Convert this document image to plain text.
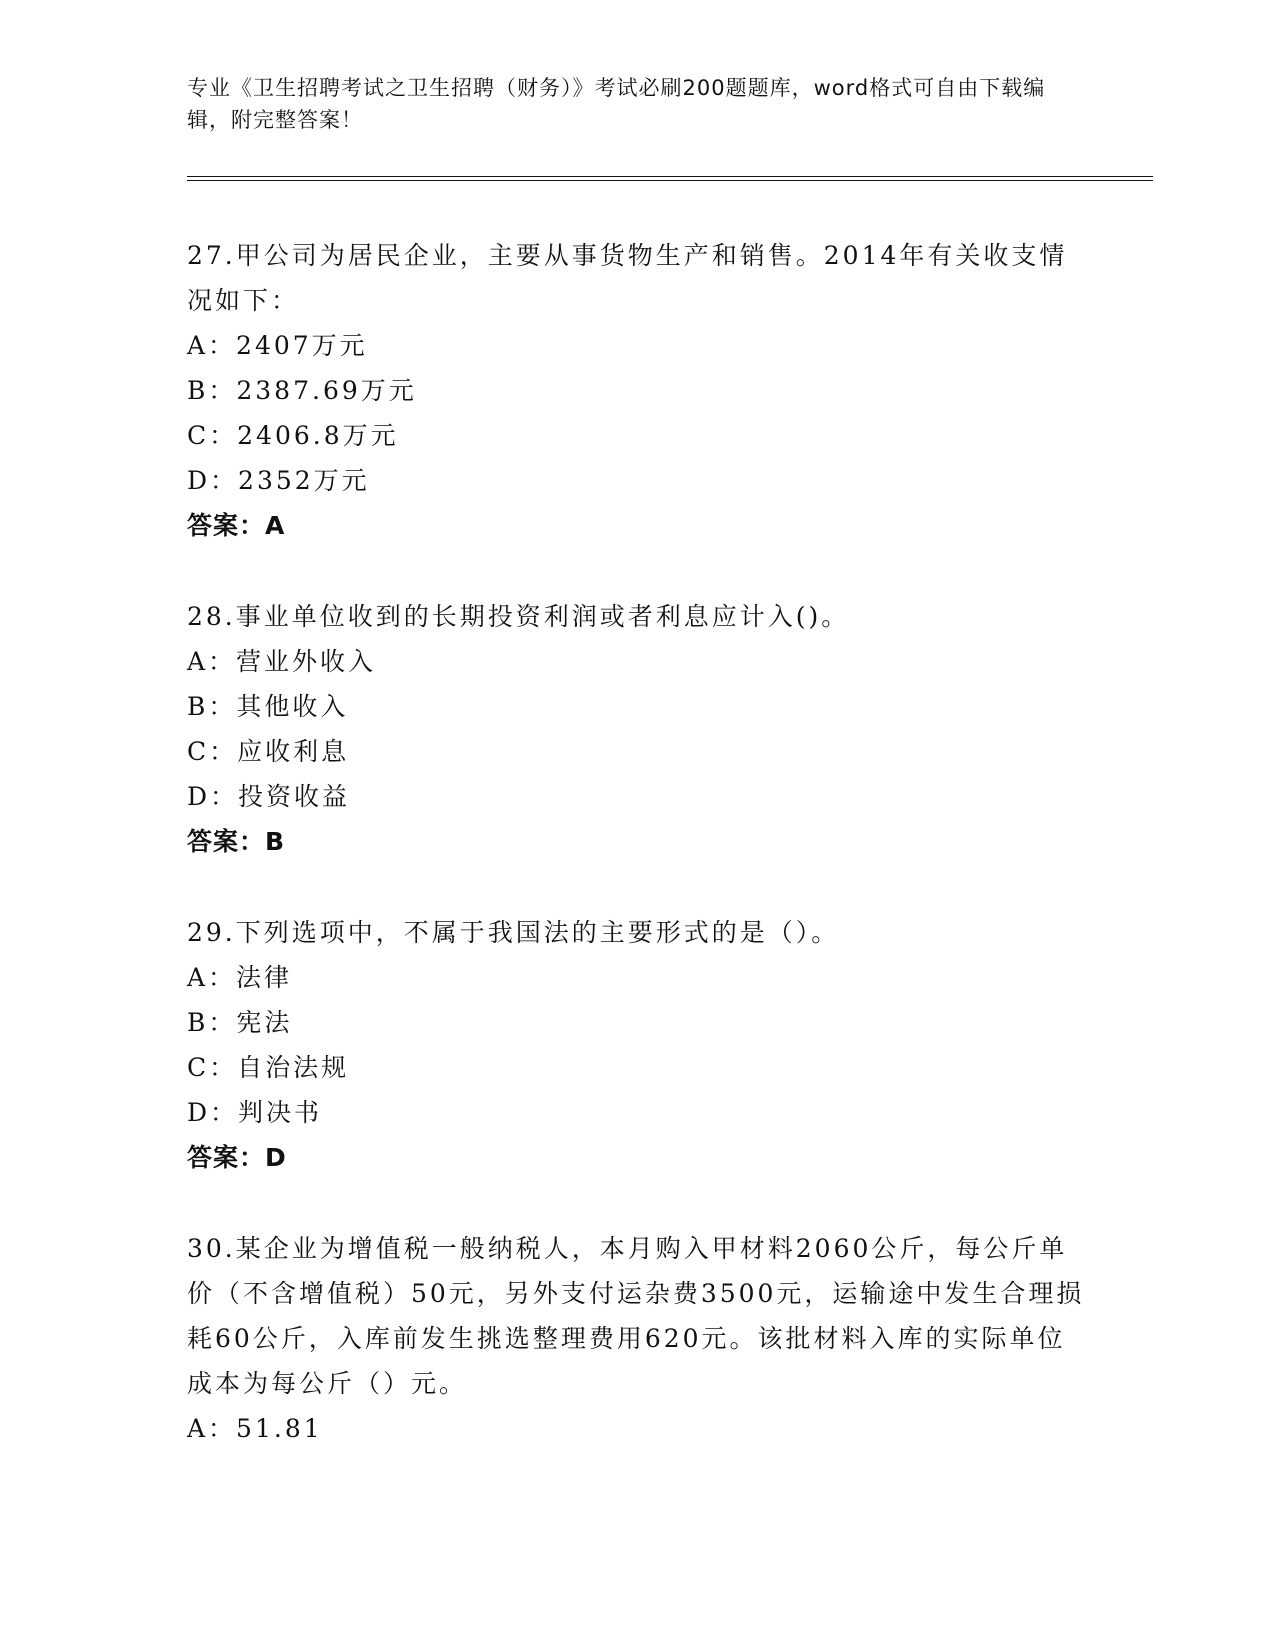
专业《卫生招聘考试之卫生招聘（财务）》考试必刷200题题库，word格式可自由下载编辑，附完整答案！

27.甲公司为居民企业，主要从事货物生产和销售。2014年有关收支情况如下：

A：2407万元

B：2387.69万元

C：2406.8万元

D：2352万元

答案：A

28.事业单位收到的长期投资利润或者利息应计入()。

A：营业外收入

B：其他收入

C：应收利息

D：投资收益

答案：B

29.下列选项中，不属于我国法的主要形式的是（）。

A：法律

B：宪法

C：自治法规

D：判决书

答案：D

30.某企业为增值税一般纳税人，本月购入甲材料2060公斤，每公斤单价（不含增值税）50元，另外支付运杂费3500元，运输途中发生合理损耗60公斤，入库前发生挑选整理费用620元。该批材料入库的实际单位成本为每公斤（）元。

A：51.81
